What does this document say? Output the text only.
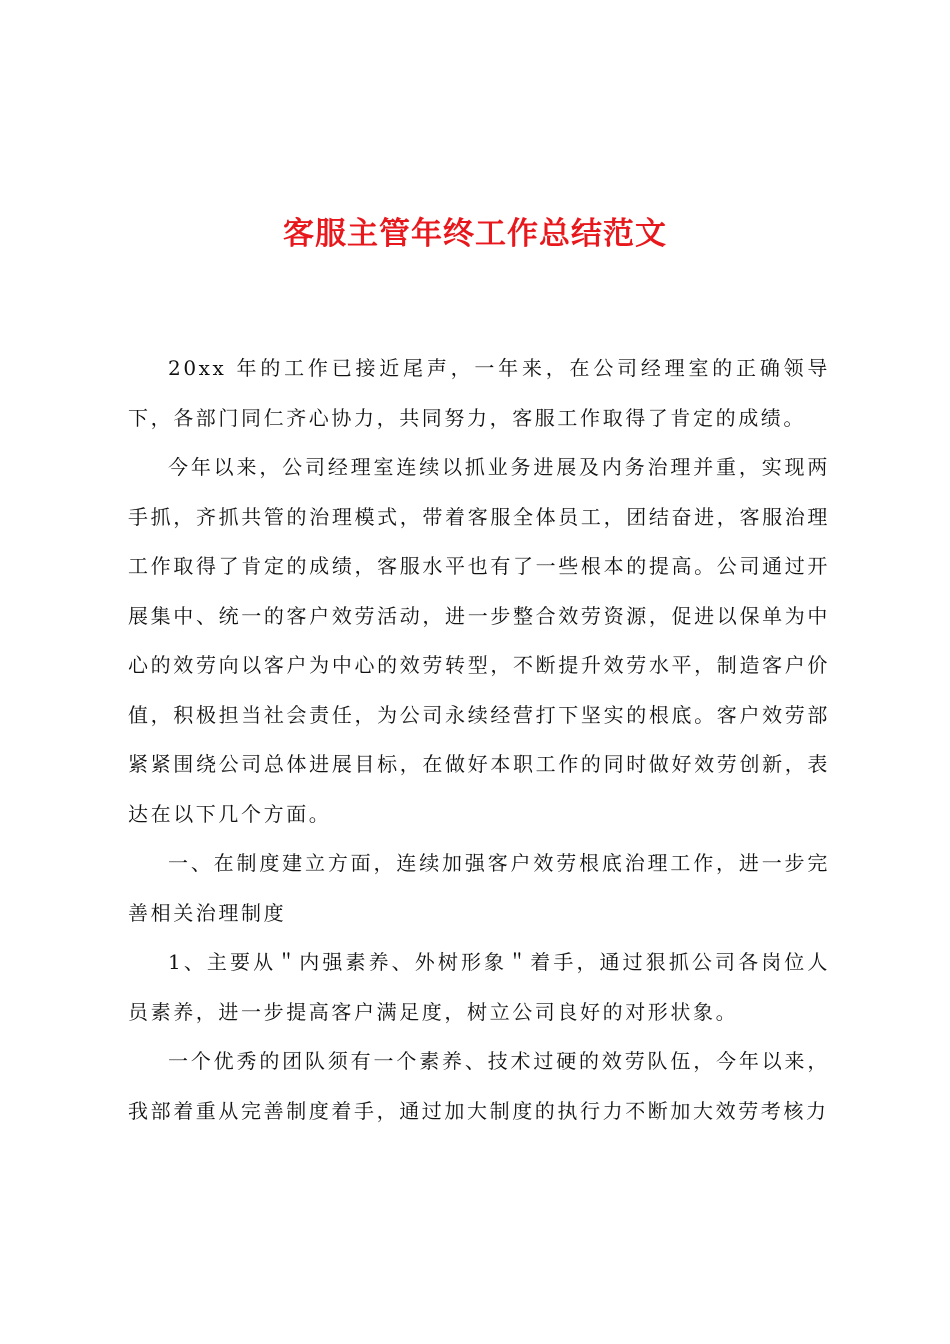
客服主管年终工作总结范文

20xx 年的工作已接近尾声，一年来，在公司经理室的正确领导下，各部门同仁齐心协力，共同努力，客服工作取得了肯定的成绩。

今年以来，公司经理室连续以抓业务进展及内务治理并重，实现两手抓，齐抓共管的治理模式，带着客服全体员工，团结奋进，客服治理工作取得了肯定的成绩，客服水平也有了一些根本的提高。公司通过开展集中、统一的客户效劳活动，进一步整合效劳资源，促进以保单为中心的效劳向以客户为中心的效劳转型，不断提升效劳水平，制造客户价值，积极担当社会责任，为公司永续经营打下坚实的根底。客户效劳部紧紧围绕公司总体进展目标，在做好本职工作的同时做好效劳创新，表达在以下几个方面。

一、在制度建立方面，连续加强客户效劳根底治理工作，进一步完善相关治理制度

1、主要从＂内强素养、外树形象＂着手，通过狠抓公司各岗位人员素养，进一步提高客户满足度，树立公司良好的对形状象。

一个优秀的团队须有一个素养、技术过硬的效劳队伍，今年以来，我部着重从完善制度着手，通过加大制度的执行力不断加大效劳考核力
